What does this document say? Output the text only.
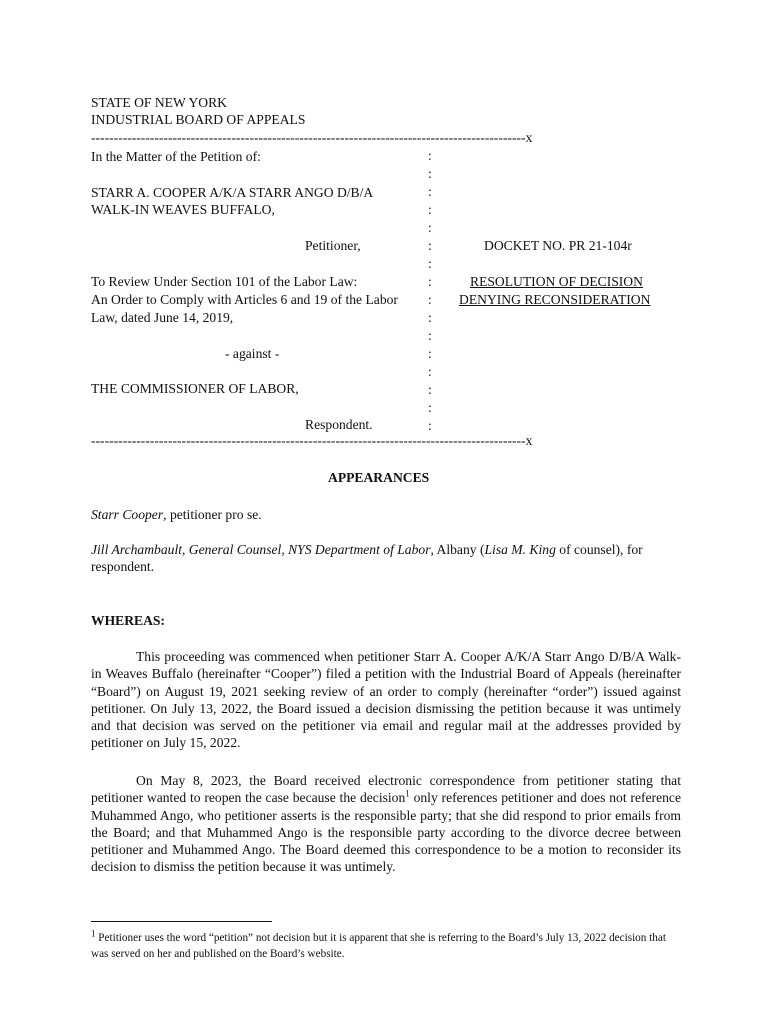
STATE OF NEW YORK
INDUSTRIAL BOARD OF APPEALS
------------------------------------------------------------------------------------------------x
In the Matter of the Petition of:
STARR A. COOPER A/K/A STARR ANGO D/B/A
WALK-IN WEAVES BUFFALO,
Petitioner,
To Review Under Section 101 of the Labor Law:
An Order to Comply with Articles 6 and 19 of the Labor
Law, dated June 14, 2019,
- against -
THE COMMISSIONER OF LABOR,
Respondent.
:
:
:
:
:
:
:
:
:
:
:
:
:
:
:
:
------------------------------------------------------------------------------------------------x
DOCKET NO. PR 21-104r
RESOLUTION OF DECISION
DENYING RECONSIDERATION
APPEARANCES
Starr Cooper, petitioner pro se.
Jill Archambault, General Counsel, NYS Department of Labor, Albany (Lisa M. King of counsel), for respondent.
WHEREAS:
This proceeding was commenced when petitioner Starr A. Cooper A/K/A Starr Ango D/B/A Walk-in Weaves Buffalo (hereinafter “Cooper”) filed a petition with the Industrial Board of Appeals (hereinafter “Board”) on August 19, 2021 seeking review of an order to comply (hereinafter “order”) issued against petitioner. On July 13, 2022, the Board issued a decision dismissing the petition because it was untimely and that decision was served on the petitioner via email and regular mail at the addresses provided by petitioner on July 15, 2022.
On May 8, 2023, the Board received electronic correspondence from petitioner stating that petitioner wanted to reopen the case because the decision$^1$ only references petitioner and does not reference Muhammed Ango, who petitioner asserts is the responsible party; that she did respond to prior emails from the Board; and that Muhammed Ango is the responsible party according to the divorce decree between petitioner and Muhammed Ango. The Board deemed this correspondence to be a motion to reconsider its decision to dismiss the petition because it was untimely.
$^1$ Petitioner uses the word “petition” not decision but it is apparent that she is referring to the Board’s July 13, 2022 decision that was served on her and published on the Board’s website.
